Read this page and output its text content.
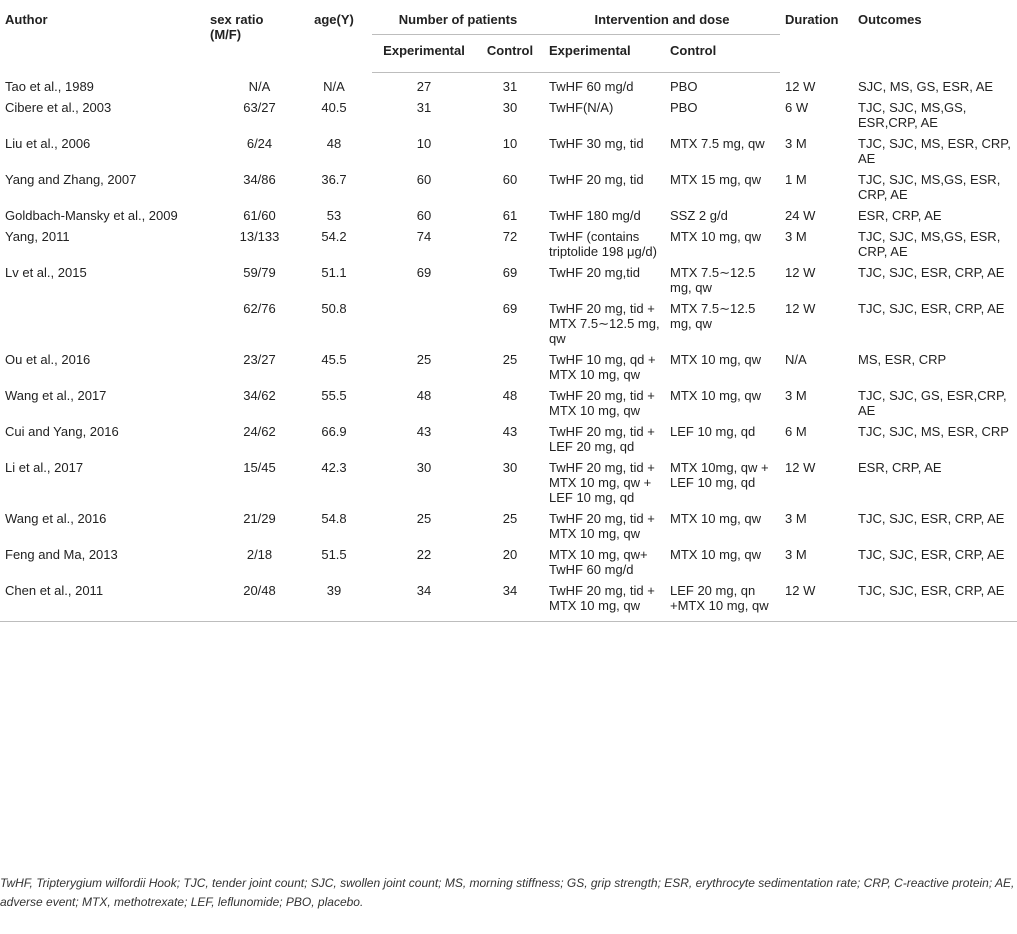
Author	sex ratio (M/F)	age(Y)	Number of patients		Intervention and dose		Duration	Outcomes
			Experimental	Control	Experimental	Control		
Tao et al., 1989	N/A	N/A	27	31	TwHF 60 mg/d	PBO	12 W	SJC, MS, GS, ESR, AE
Cibere et al., 2003	63/27	40.5	31	30	TwHF(N/A)	PBO	6 W	TJC, SJC, MS,GS, ESR,CRP, AE
Liu et al., 2006	6/24	48	10	10	TwHF 30 mg, tid	MTX 7.5 mg, qw	3 M	TJC, SJC, MS, ESR, CRP, AE
Yang and Zhang, 2007	34/86	36.7	60	60	TwHF 20 mg, tid	MTX 15 mg, qw	1 M	TJC, SJC, MS,GS, ESR, CRP, AE
Goldbach-Mansky et al., 2009	61/60	53	60	61	TwHF 180 mg/d	SSZ 2 g/d	24 W	ESR, CRP, AE
Yang, 2011	13/133	54.2	74	72	TwHF (contains triptolide 198 μg/d)	MTX 10 mg, qw	3 M	TJC, SJC, MS,GS, ESR, CRP, AE
Lv et al., 2015	59/79	51.1	69	69	TwHF 20 mg,tid	MTX 7.5∼12.5 mg, qw	12 W	TJC, SJC, ESR, CRP, AE
	62/76	50.8		69	TwHF 20 mg, tid + MTX 7.5∼12.5 mg, qw	MTX 7.5∼12.5 mg, qw	12 W	TJC, SJC, ESR, CRP, AE
Ou et al., 2016	23/27	45.5	25	25	TwHF 10 mg, qd + MTX 10 mg, qw	MTX 10 mg, qw	N/A	MS, ESR, CRP
Wang et al., 2017	34/62	55.5	48	48	TwHF 20 mg, tid + MTX 10 mg, qw	MTX 10 mg, qw	3 M	TJC, SJC, GS, ESR,CRP, AE
Cui and Yang, 2016	24/62	66.9	43	43	TwHF 20 mg, tid + LEF 20 mg, qd	LEF 10 mg, qd	6 M	TJC, SJC, MS, ESR, CRP
Li et al., 2017	15/45	42.3	30	30	TwHF 20 mg, tid + MTX 10 mg, qw + LEF 10 mg, qd	MTX 10mg, qw + LEF 10 mg, qd	12 W	ESR, CRP, AE
Wang et al., 2016	21/29	54.8	25	25	TwHF 20 mg, tid + MTX 10 mg, qw	MTX 10 mg, qw	3 M	TJC, SJC, ESR, CRP, AE
Feng and Ma, 2013	2/18	51.5	22	20	MTX 10 mg, qw+ TwHF 60 mg/d	MTX 10 mg, qw	3 M	TJC, SJC, ESR, CRP, AE
Chen et al., 2011	20/48	39	34	34	TwHF 20 mg, tid + MTX 10 mg, qw	LEF 20 mg, qn +MTX 10 mg, qw	12 W	TJC, SJC, ESR, CRP, AE
TwHF, Tripterygium wilfordii Hook; TJC, tender joint count; SJC, swollen joint count; MS, morning stiffness; GS, grip strength; ESR, erythrocyte sedimentation rate; CRP, C-reactive protein; AE, adverse event; MTX, methotrexate; LEF, leflunomide; PBO, placebo.
